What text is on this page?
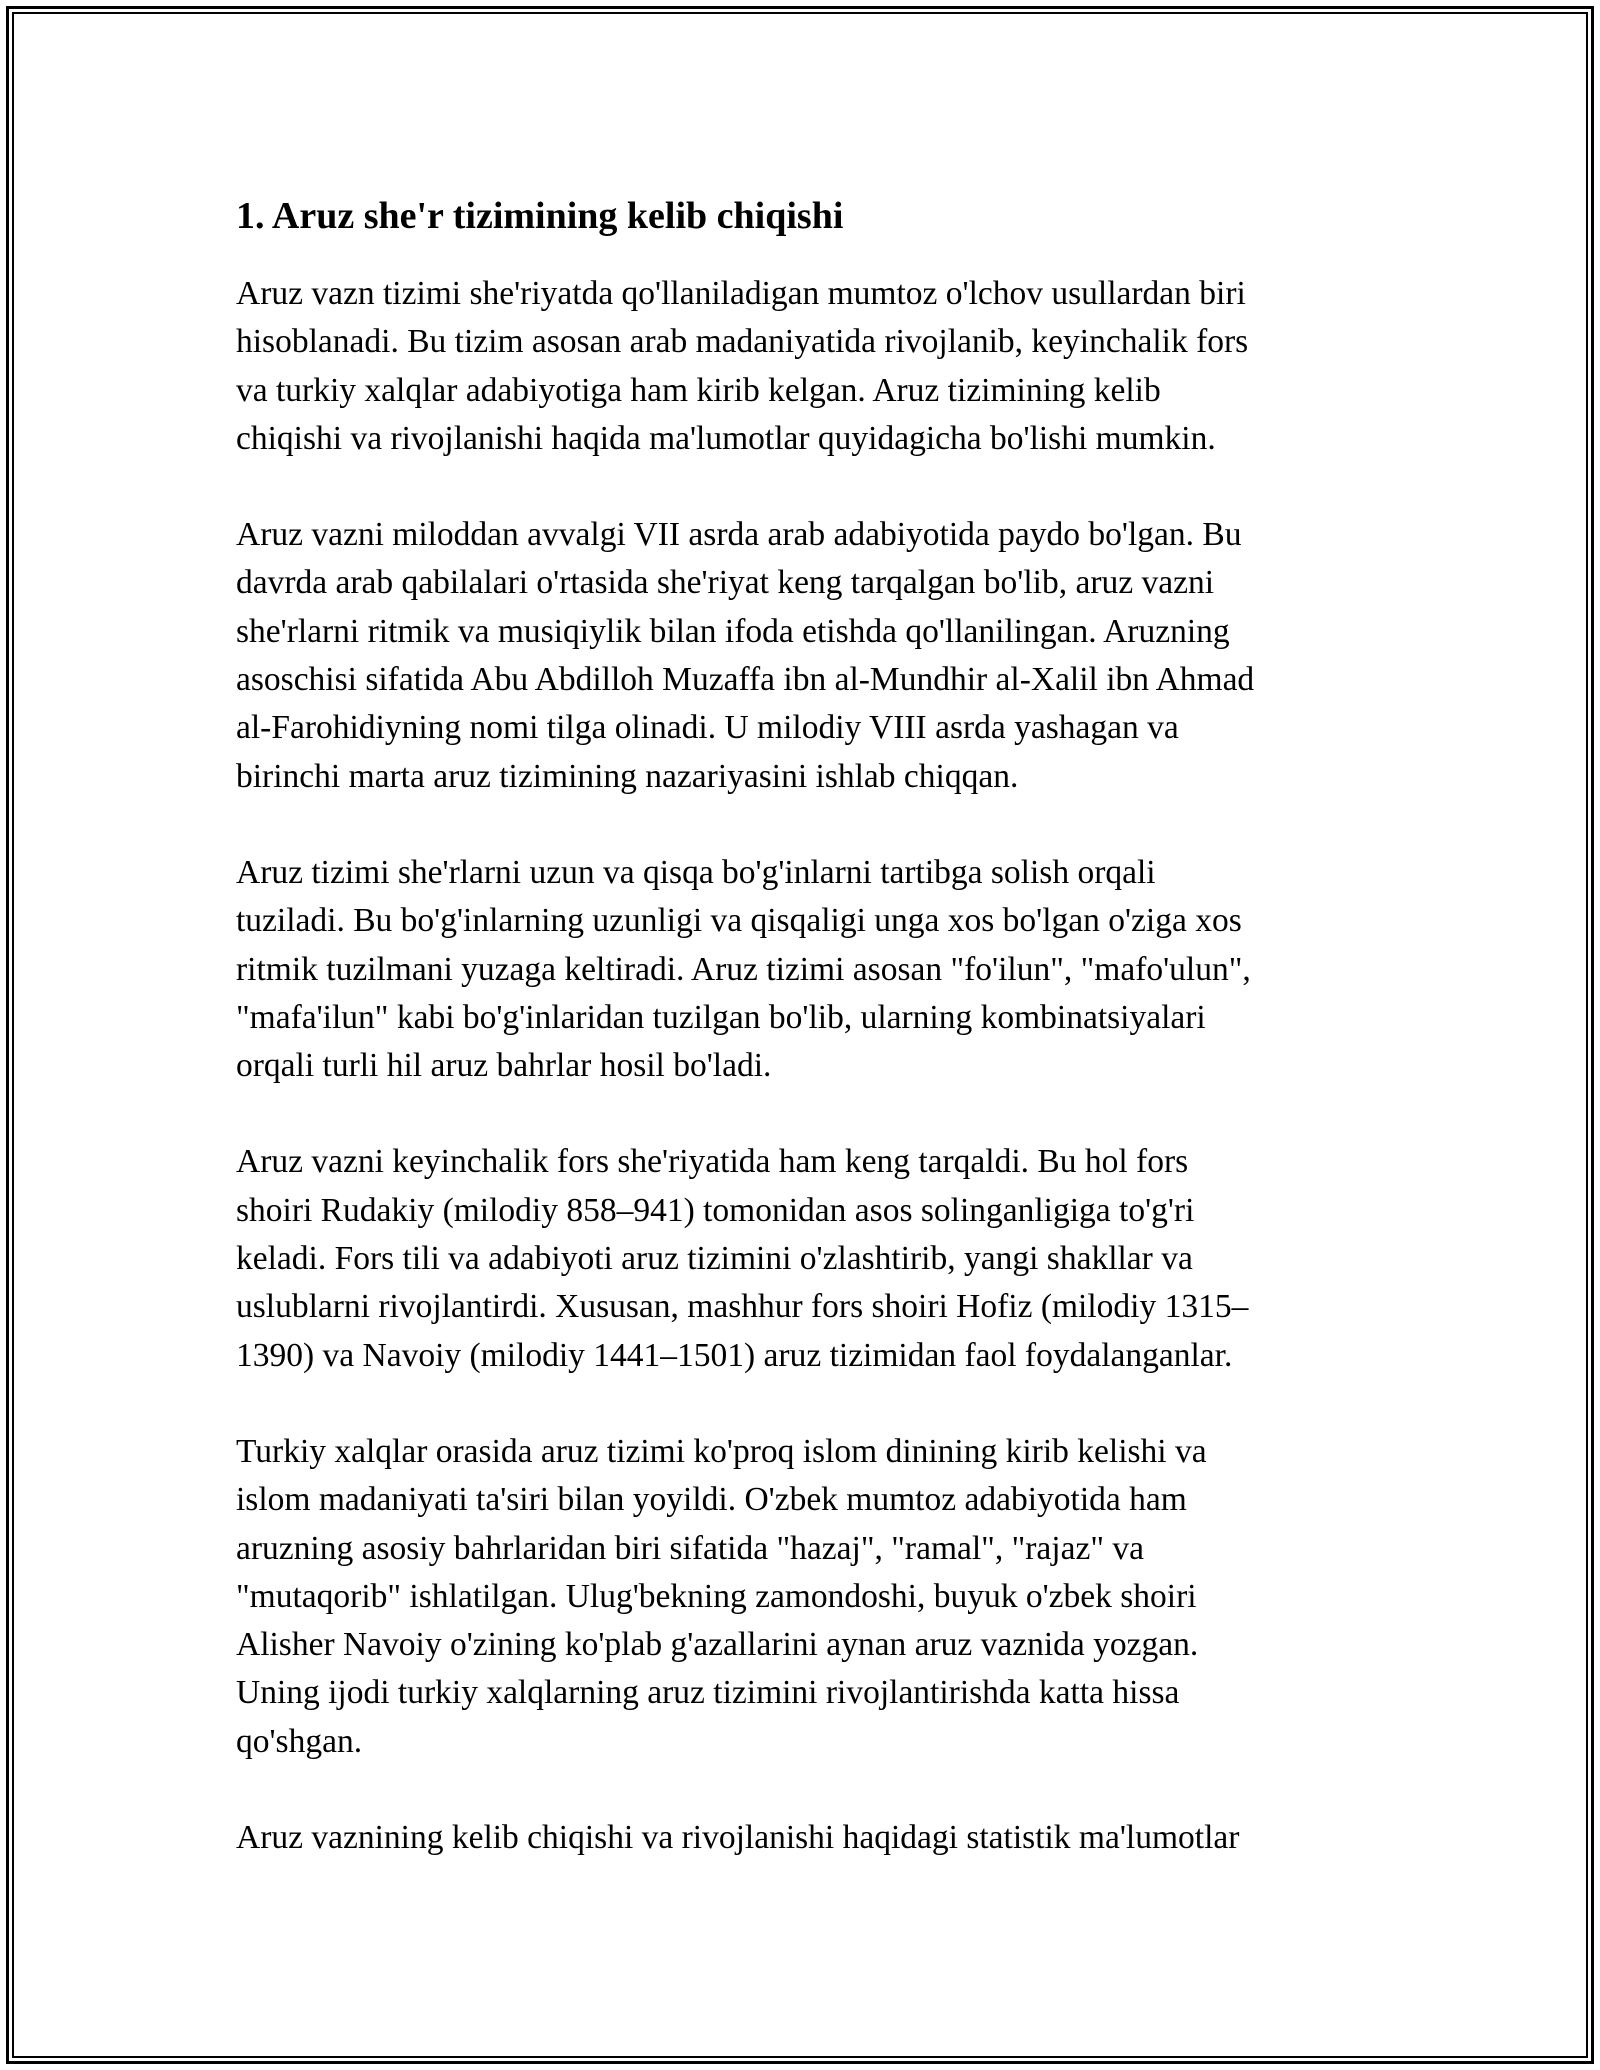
1. Aruz she'r tizimining kelib chiqishi

Aruz vazn tizimi she'riyatda qo'llaniladigan mumtoz o'lchov usullardan biri
hisoblanadi. Bu tizim asosan arab madaniyatida rivojlanib, keyinchalik fors
va turkiy xalqlar adabiyotiga ham kirib kelgan. Aruz tizimining kelib
chiqishi va rivojlanishi haqida ma'lumotlar quyidagicha bo'lishi mumkin.

Aruz vazni miloddan avvalgi VII asrda arab adabiyotida paydo bo'lgan. Bu
davrda arab qabilalari o'rtasida she'riyat keng tarqalgan bo'lib, aruz vazni
she'rlarni ritmik va musiqiylik bilan ifoda etishda qo'llanilingan. Aruzning
asoschisi sifatida Abu Abdilloh Muzaffa ibn al-Mundhir al-Xalil ibn Ahmad
al-Farohidiyning nomi tilga olinadi. U milodiy VIII asrda yashagan va
birinchi marta aruz tizimining nazariyasini ishlab chiqqan.

Aruz tizimi she'rlarni uzun va qisqa bo'g'inlarni tartibga solish orqali
tuziladi. Bu bo'g'inlarning uzunligi va qisqaligi unga xos bo'lgan o'ziga xos
ritmik tuzilmani yuzaga keltiradi. Aruz tizimi asosan "fo'ilun", "mafo'ulun",
"mafa'ilun" kabi bo'g'inlaridan tuzilgan bo'lib, ularning kombinatsiyalari
orqali turli hil aruz bahrlar hosil bo'ladi.

Aruz vazni keyinchalik fors she'riyatida ham keng tarqaldi. Bu hol fors
shoiri Rudakiy (milodiy 858–941) tomonidan asos solinganligiga to'g'ri
keladi. Fors tili va adabiyoti aruz tizimini o'zlashtirib, yangi shakllar va
uslublarni rivojlantirdi. Xususan, mashhur fors shoiri Hofiz (milodiy 1315–
1390) va Navoiy (milodiy 1441–1501) aruz tizimidan faol foydalanganlar.

Turkiy xalqlar orasida aruz tizimi ko'proq islom dinining kirib kelishi va
islom madaniyati ta'siri bilan yoyildi. O'zbek mumtoz adabiyotida ham
aruzning asosiy bahrlaridan biri sifatida "hazaj", "ramal", "rajaz" va
"mutaqorib" ishlatilgan. Ulug'bekning zamondoshi, buyuk o'zbek shoiri
Alisher Navoiy o'zining ko'plab g'azallarini aynan aruz vaznida yozgan.
Uning ijodi turkiy xalqlarning aruz tizimini rivojlantirishda katta hissa
qo'shgan.

Aruz vaznining kelib chiqishi va rivojlanishi haqidagi statistik ma'lumotlar
